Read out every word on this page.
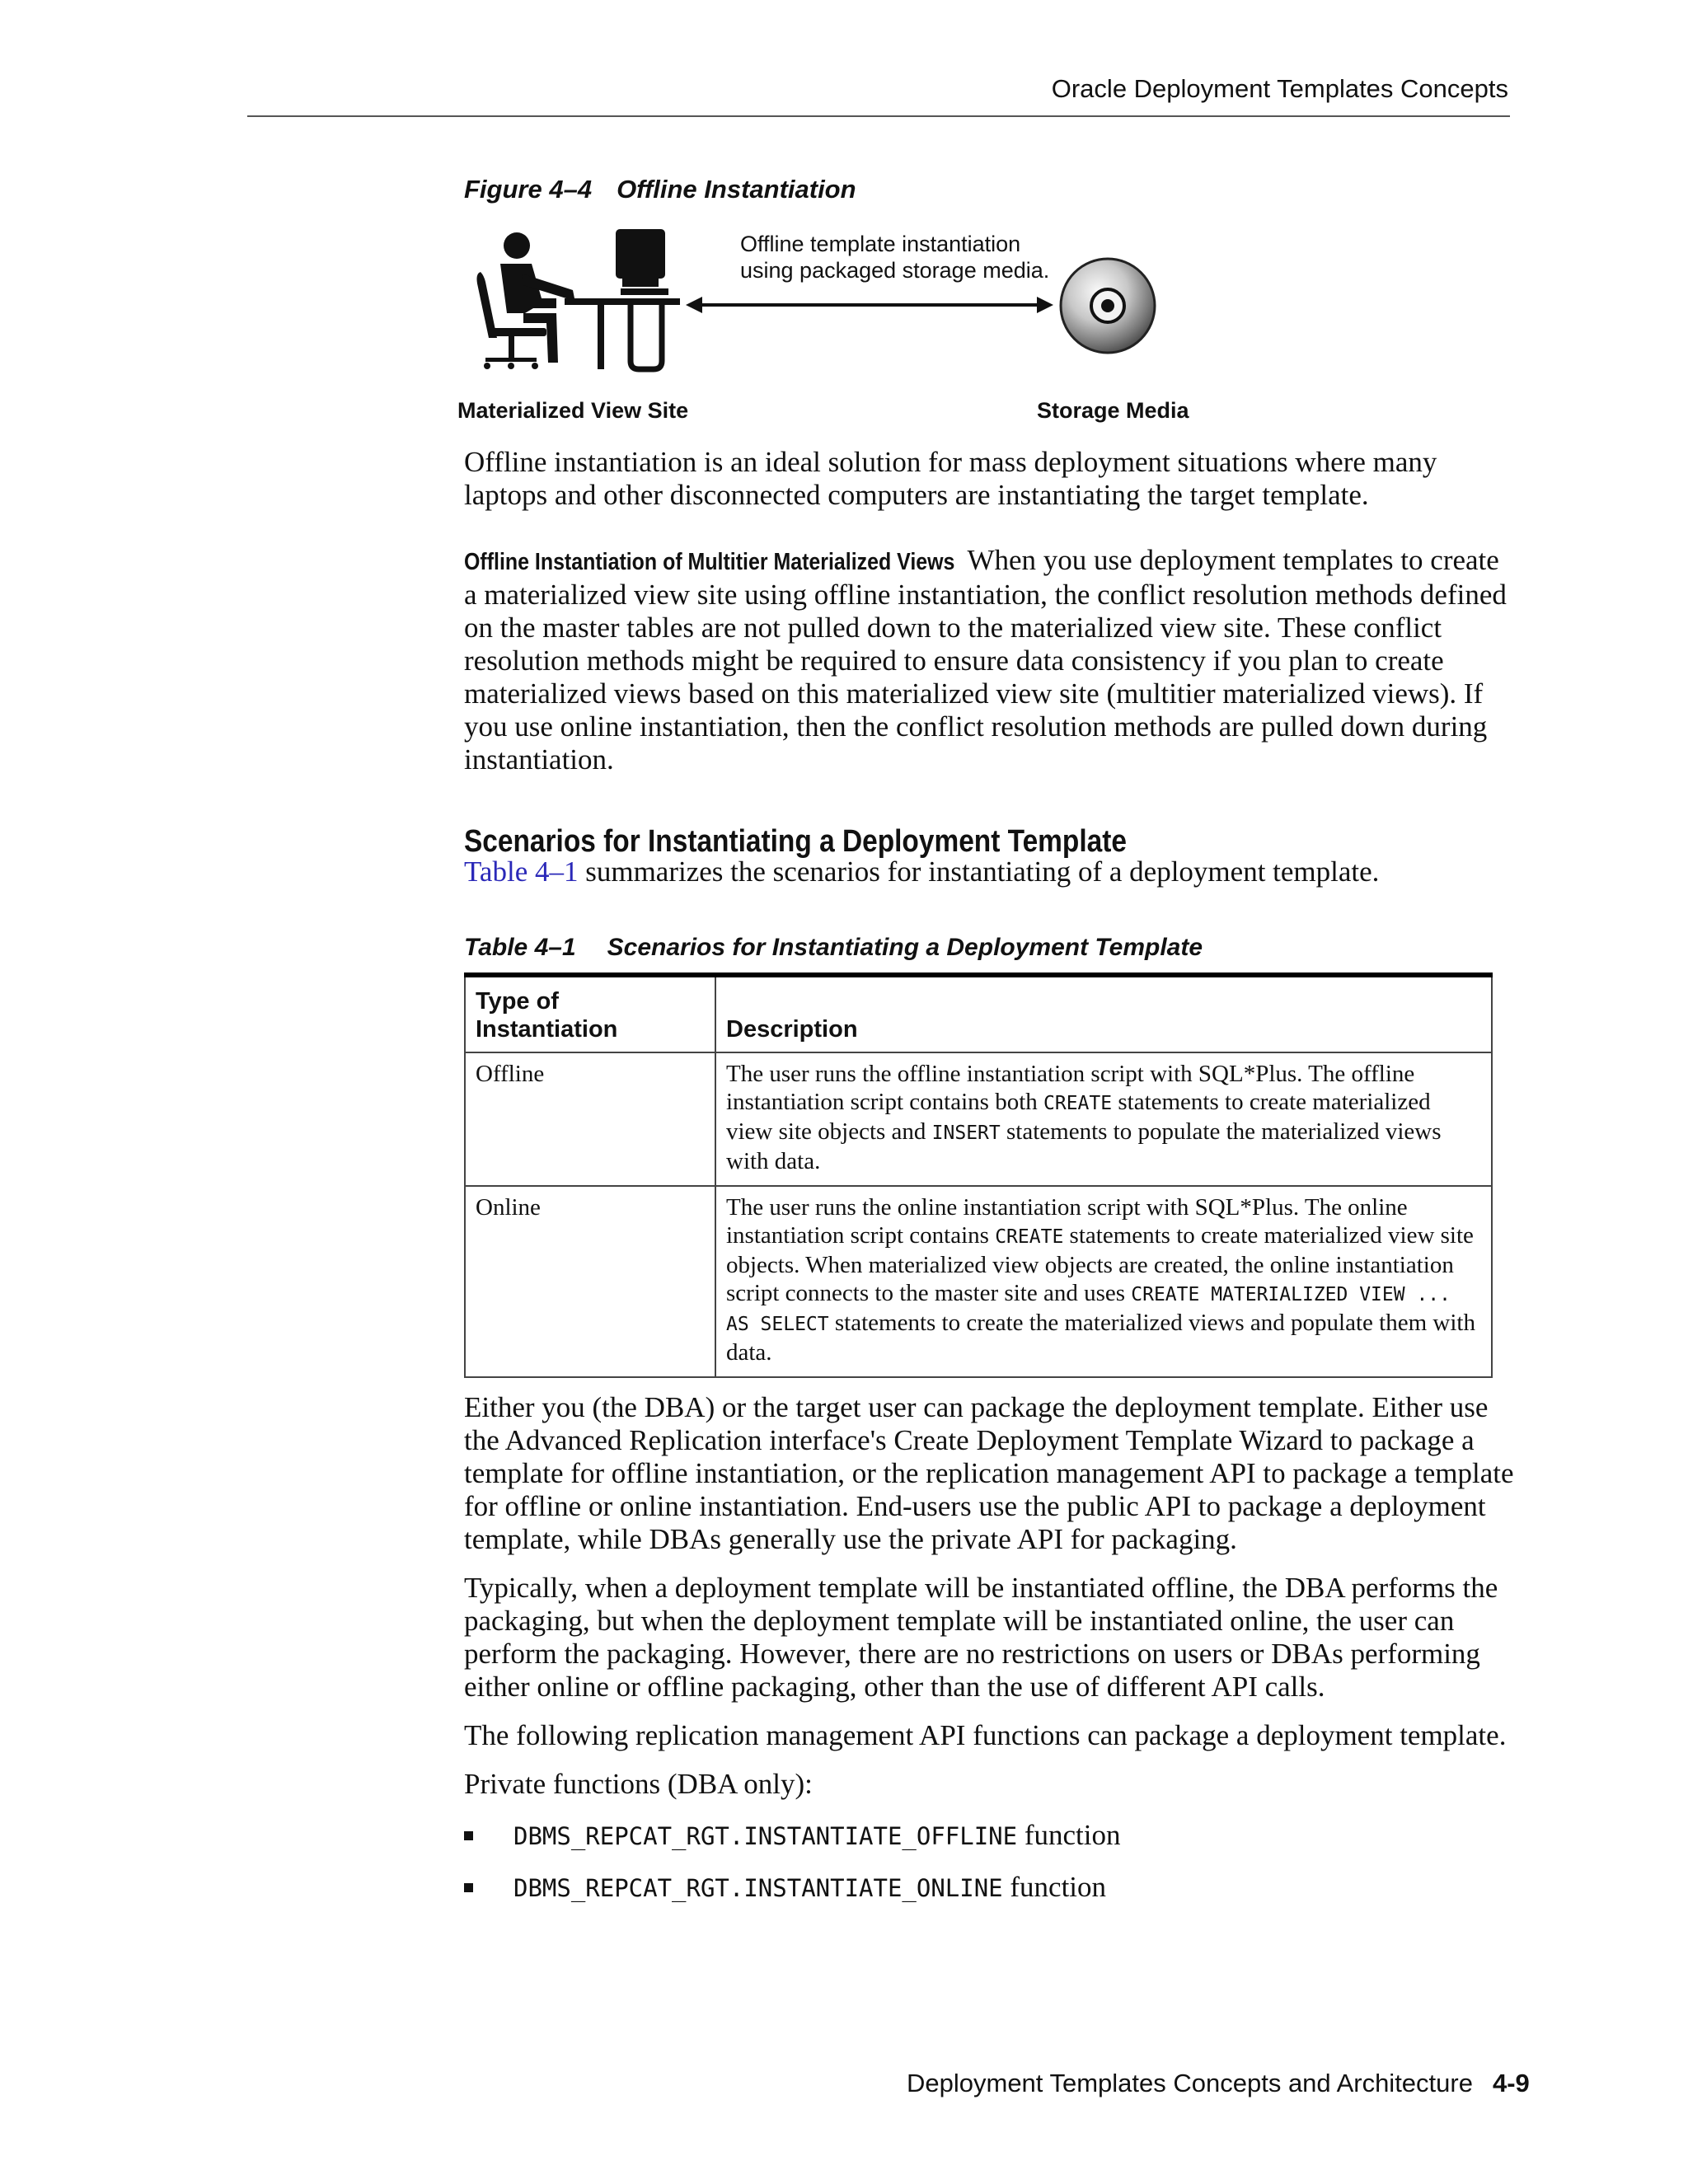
Oracle Deployment Templates Concepts
Figure 4–4 Offline Instantiation
Offline template instantiation
using packaged storage media.
Materialized View Site	Storage Media

Offline instantiation is an ideal solution for mass deployment situations where many laptops and other disconnected computers are instantiating the target template.

Offline Instantiation of Multitier Materialized Views When you use deployment templates to create a materialized view site using offline instantiation, the conflict resolution methods defined on the master tables are not pulled down to the materialized view site. These conflict resolution methods might be required to ensure data consistency if you plan to create materialized views based on this materialized view site (multitier materialized views). If you use online instantiation, then the conflict resolution methods are pulled down during instantiation.

Scenarios for Instantiating a Deployment Template

Table 4–1 summarizes the scenarios for instantiating of a deployment template.

Table 4–1 Scenarios for Instantiating a Deployment Template
Type of
Instantiation	Description
Offline	The user runs the offline instantiation script with SQL*Plus. The offline instantiation script contains both CREATE statements to create materialized view site objects and INSERT statements to populate the materialized views with data.
Online	The user runs the online instantiation script with SQL*Plus. The online instantiation script contains CREATE statements to create materialized view site objects. When materialized view objects are created, the online instantiation script connects to the master site and uses CREATE MATERIALIZED VIEW ... AS SELECT statements to create the materialized views and populate them with data.

Either you (the DBA) or the target user can package the deployment template. Either use the Advanced Replication interface's Create Deployment Template Wizard to package a template for offline instantiation, or the replication management API to package a template for offline or online instantiation. End-users use the public API to package a deployment template, while DBAs generally use the private API for packaging.

Typically, when a deployment template will be instantiated offline, the DBA performs the packaging, but when the deployment template will be instantiated online, the user can perform the packaging. However, there are no restrictions on users or DBAs performing either online or offline packaging, other than the use of different API calls.

The following replication management API functions can package a deployment template.

Private functions (DBA only):

DBMS_REPCAT_RGT.INSTANTIATE_OFFLINE function
DBMS_REPCAT_RGT.INSTANTIATE_ONLINE function
Deployment Templates Concepts and Architecture 4-9
